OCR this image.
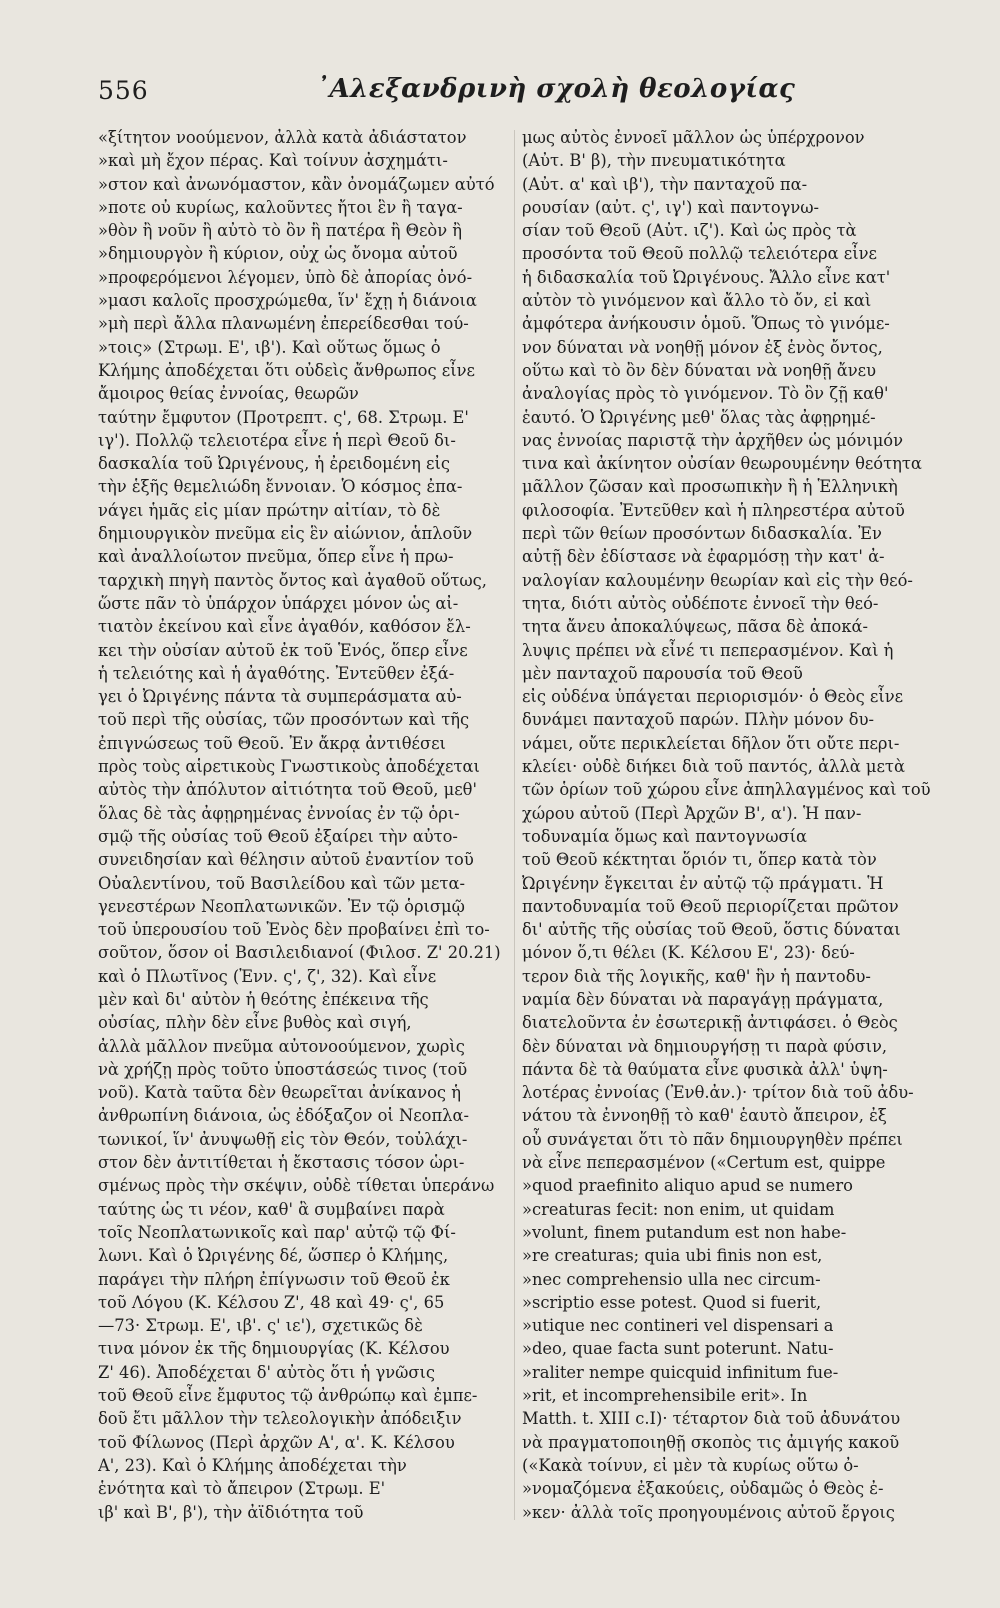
556	᾿Αλεξανδρινὴ σχολὴ θεολογίας
«ξίτητον νοούμενον, ἀλλὰ κατὰ ἀδιάστατον
»καὶ μὴ ἔχον πέρας. Καὶ τοίνυν ἀσχημάτι-
»στον καὶ ἀνωνόμαστον, κἂν ὀνομάζωμεν αὐτό
»ποτε οὐ κυρίως, καλοῦντες ἤτοι ἓν ἢ ταγα-
»θὸν ἢ νοῦν ἢ αὐτὸ τὸ ὂν ἢ πατέρα ἢ Θεὸν ἢ
»δημιουργὸν ἢ κύριον, οὐχ ὡς ὄνομα αὐτοῦ
»προφερόμενοι λέγομεν, ὑπὸ δὲ ἀπορίας ὀνό-
»μασι καλοῖς προσχρώμεθα, ἵν' ἔχῃ ἡ διάνοια
»μὴ περὶ ἄλλα πλανωμένη ἐπερείδεσθαι τού-
»τοις» (Στρωμ. Ε', ιβ'). Καὶ οὕτως ὅμως ὁ
Κλήμης ἀποδέχεται ὅτι οὐδεὶς ἄνθρωπος εἶνε
ἄμοιρος θείας ἐννοίας, θεωρῶν
ταύτην ἔμφυτον (Προτρεπτ. ς', 68. Στρωμ. Ε'
ιγ'). Πολλῷ τελειοτέρα εἶνε ἡ περὶ Θεοῦ δι-
δασκαλία τοῦ Ὠριγένους, ἡ ἐρειδομένη εἰς
τὴν ἑξῆς θεμελιώδη ἔννοιαν. Ὁ κόσμος ἐπα-
νάγει ἡμᾶς εἰς μίαν πρώτην αἰτίαν, τὸ δὲ
δημιουργικὸν πνεῦμα εἰς ἓν αἰώνιον, ἁπλοῦν
καὶ ἀναλλοίωτον πνεῦμα, ὅπερ εἶνε ἡ πρω-
ταρχικὴ πηγὴ παντὸς ὄντος καὶ ἀγαθοῦ οὕτως,
ὥστε πᾶν τὸ ὑπάρχον ὑπάρχει μόνον ὡς αἰ-
τιατὸν ἐκείνου καὶ εἶνε ἀγαθόν, καθόσον ἔλ-
κει τὴν οὐσίαν αὐτοῦ ἐκ τοῦ Ἑνός, ὅπερ εἶνε
ἡ τελειότης καὶ ἡ ἀγαθότης. Ἐντεῦθεν ἐξά-
γει ὁ Ὠριγένης πάντα τὰ συμπεράσματα αὐ-
τοῦ περὶ τῆς οὐσίας, τῶν προσόντων καὶ τῆς
ἐπιγνώσεως τοῦ Θεοῦ. Ἐν ἄκρᾳ ἀντιθέσει
πρὸς τοὺς αἱρετικοὺς Γνωστικοὺς ἀποδέχεται
αὐτὸς τὴν ἀπόλυτον αἰτιότητα τοῦ Θεοῦ, μεθ'
ὅλας δὲ τὰς ἀφῃρημένας ἐννοίας ἐν τῷ ὁρι-
σμῷ τῆς οὐσίας τοῦ Θεοῦ ἐξαίρει τὴν αὐτο-
συνειδησίαν καὶ θέλησιν αὐτοῦ ἐναντίον τοῦ
Οὐαλεντίνου, τοῦ Βασιλείδου καὶ τῶν μετα-
γενεστέρων Νεοπλατωνικῶν. Ἐν τῷ ὁρισμῷ
τοῦ ὑπερουσίου τοῦ Ἑνὸς δὲν προβαίνει ἐπὶ το-
σοῦτον, ὅσον οἱ Βασιλειδιανοί (Φιλοσ. Ζ' 20.21)
καὶ ὁ Πλωτῖνος (Ἐνν. ς', ζ', 32). Καὶ εἶνε
μὲν καὶ δι' αὐτὸν ἡ θεότης ἐπέκεινα τῆς
οὐσίας, πλὴν δὲν εἶνε βυθὸς καὶ σιγή,
ἀλλὰ μᾶλλον πνεῦμα αὐτονοούμενον, χωρὶς
νὰ χρήζῃ πρὸς τοῦτο ὑποστάσεώς τινος (τοῦ
νοῦ). Κατὰ ταῦτα δὲν θεωρεῖται ἀνίκανος ἡ
ἀνθρωπίνη διάνοια, ὡς ἐδόξαζον οἱ Νεοπλα-
τωνικοί, ἵν' ἀνυψωθῇ εἰς τὸν Θεόν, τοὐλάχι-
στον δὲν ἀντιτίθεται ἡ ἔκστασις τόσον ὡρι-
σμένως πρὸς τὴν σκέψιν, οὐδὲ τίθεται ὑπεράνω
ταύτης ὡς τι νέον, καθ' ἃ συμβαίνει παρὰ
τοῖς Νεοπλατωνικοῖς καὶ παρ' αὐτῷ τῷ Φί-
λωνι. Καὶ ὁ Ὠριγένης δέ, ὥσπερ ὁ Κλήμης,
παράγει τὴν πλήρη ἐπίγνωσιν τοῦ Θεοῦ ἐκ
τοῦ Λόγου (Κ. Κέλσου Ζ', 48 καὶ 49· ς', 65
—73· Στρωμ. Ε', ιβ'. ς' ιε'), σχετικῶς δὲ
τινα μόνον ἐκ τῆς δημιουργίας (Κ. Κέλσου
Ζ' 46). Ἀποδέχεται δ' αὐτὸς ὅτι ἡ γνῶσις
τοῦ Θεοῦ εἶνε ἔμφυτος τῷ ἀνθρώπῳ καὶ ἐμπε-
δοῦ ἔτι μᾶλλον τὴν τελεολογικὴν ἀπόδειξιν
τοῦ Φίλωνος (Περὶ ἀρχῶν Α', α'. Κ. Κέλσου
Α', 23). Καὶ ὁ Κλήμης ἀποδέχεται τὴν
ἑνότητα καὶ τὸ ἄπειρον (Στρωμ. Ε'
ιβ' καὶ Β', β'), τὴν ἀϊδιότητα τοῦ
μως αὐτὸς ἐννοεῖ μᾶλλον ὡς ὑπέρχρονον
(Αὐτ. Β' β), τὴν πνευματικότητα
(Αὐτ. α' καὶ ιβ'), τὴν πανταχοῦ πα-
ρουσίαν (αὐτ. ς', ιγ') καὶ παντογνω-
σίαν τοῦ Θεοῦ (Αὐτ. ιζ'). Καὶ ὡς πρὸς τὰ
προσόντα τοῦ Θεοῦ πολλῷ τελειότερα εἶνε
ἡ διδασκαλία τοῦ Ὠριγένους. Ἄλλο εἶνε κατ'
αὐτὸν τὸ γινόμενον καὶ ἄλλο τὸ ὄν, εἰ καὶ
ἀμφότερα ἀνήκουσιν ὁμοῦ. Ὅπως τὸ γινόμε-
νον δύναται νὰ νοηθῇ μόνον ἐξ ἑνὸς ὄντος,
οὕτω καὶ τὸ ὂν δὲν δύναται νὰ νοηθῇ ἄνευ
ἀναλογίας πρὸς τὸ γινόμενον. Τὸ ὂν ζῇ καθ'
ἑαυτό. Ὁ Ὠριγένης μεθ' ὅλας τὰς ἀφῃρημέ-
νας ἐννοίας παριστᾷ τὴν ἀρχῆθεν ὡς μόνιμόν
τινα καὶ ἀκίνητον οὐσίαν θεωρουμένην θεότητα
μᾶλλον ζῶσαν καὶ προσωπικὴν ἢ ἡ Ἑλληνικὴ
φιλοσοφία. Ἐντεῦθεν καὶ ἡ πληρεστέρα αὐτοῦ
περὶ τῶν θείων προσόντων διδασκαλία. Ἐν
αὐτῇ δὲν ἐδίστασε νὰ ἐφαρμόσῃ τὴν κατ' ἀ-
ναλογίαν καλουμένην θεωρίαν καὶ εἰς τὴν θεό-
τητα, διότι αὐτὸς οὐδέποτε ἐννοεῖ τὴν θεό-
τητα ἄνευ ἀποκαλύψεως, πᾶσα δὲ ἀποκά-
λυψις πρέπει νὰ εἶνέ τι πεπερασμένον. Καὶ ἡ
μὲν πανταχοῦ παρουσία τοῦ Θεοῦ
εἰς οὐδένα ὑπάγεται περιορισμόν· ὁ Θεὸς εἶνε
δυνάμει πανταχοῦ παρών. Πλὴν μόνον δυ-
νάμει, οὔτε περικλείεται δῆλον ὅτι οὔτε περι-
κλείει· οὐδὲ διήκει διὰ τοῦ παντός, ἀλλὰ μετὰ
τῶν ὁρίων τοῦ χώρου εἶνε ἀπηλλαγμένος καὶ τοῦ
χώρου αὐτοῦ (Περὶ Ἀρχῶν Β', α'). Ἡ παν-
τοδυναμία ὅμως καὶ παντογνωσία
τοῦ Θεοῦ κέκτηται ὅριόν τι, ὅπερ κατὰ τὸν
Ὠριγένην ἔγκειται ἐν αὐτῷ τῷ πράγματι. Ἡ
παντοδυναμία τοῦ Θεοῦ περιορίζεται πρῶτον
δι' αὐτῆς τῆς οὐσίας τοῦ Θεοῦ, ὅστις δύναται
μόνον ὅ,τι θέλει (Κ. Κέλσου Ε', 23)· δεύ-
τερον διὰ τῆς λογικῆς, καθ' ἣν ἡ παντοδυ-
ναμία δὲν δύναται νὰ παραγάγῃ πράγματα,
διατελοῦντα ἐν ἐσωτερικῇ ἀντιφάσει. ὁ Θεὸς
δὲν δύναται νὰ δημιουργήσῃ τι παρὰ φύσιν,
πάντα δὲ τὰ θαύματα εἶνε φυσικὰ ἀλλ' ὑψη-
λοτέρας ἐννοίας (Ἐνθ.ἀν.)· τρίτον διὰ τοῦ ἀδυ-
νάτου τὰ ἐννοηθῇ τὸ καθ' ἑαυτὸ ἄπειρον, ἐξ
οὗ συνάγεται ὅτι τὸ πᾶν δημιουργηθὲν πρέπει
νὰ εἶνε πεπερασμένον («Certum est, quippe
»quod praefinito aliquo apud se numero
»creaturas fecit: non enim, ut quidam
»volunt, finem putandum est non habe-
»re creaturas; quia ubi finis non est,
»nec comprehensio ulla nec circum-
»scriptio esse potest. Quod si fuerit,
»utique nec contineri vel dispensari a
»deo, quae facta sunt poterunt. Natu-
»raliter nempe quicquid infinitum fue-
»rit, et incomprehensibile erit». In
Matth. t. XIII c.I)· τέταρτον διὰ τοῦ ἀδυνάτου
νὰ πραγματοποιηθῇ σκοπὸς τις ἀμιγής κακοῦ
(«Κακὰ τοίνυν, εἰ μὲν τὰ κυρίως οὕτω ὀ-
»νομαζόμενα ἐξακούεις, οὐδαμῶς ὁ Θεὸς ἐ-
»κεν· ἀλλὰ τοῖς προηγουμένοις αὐτοῦ ἔργοις
